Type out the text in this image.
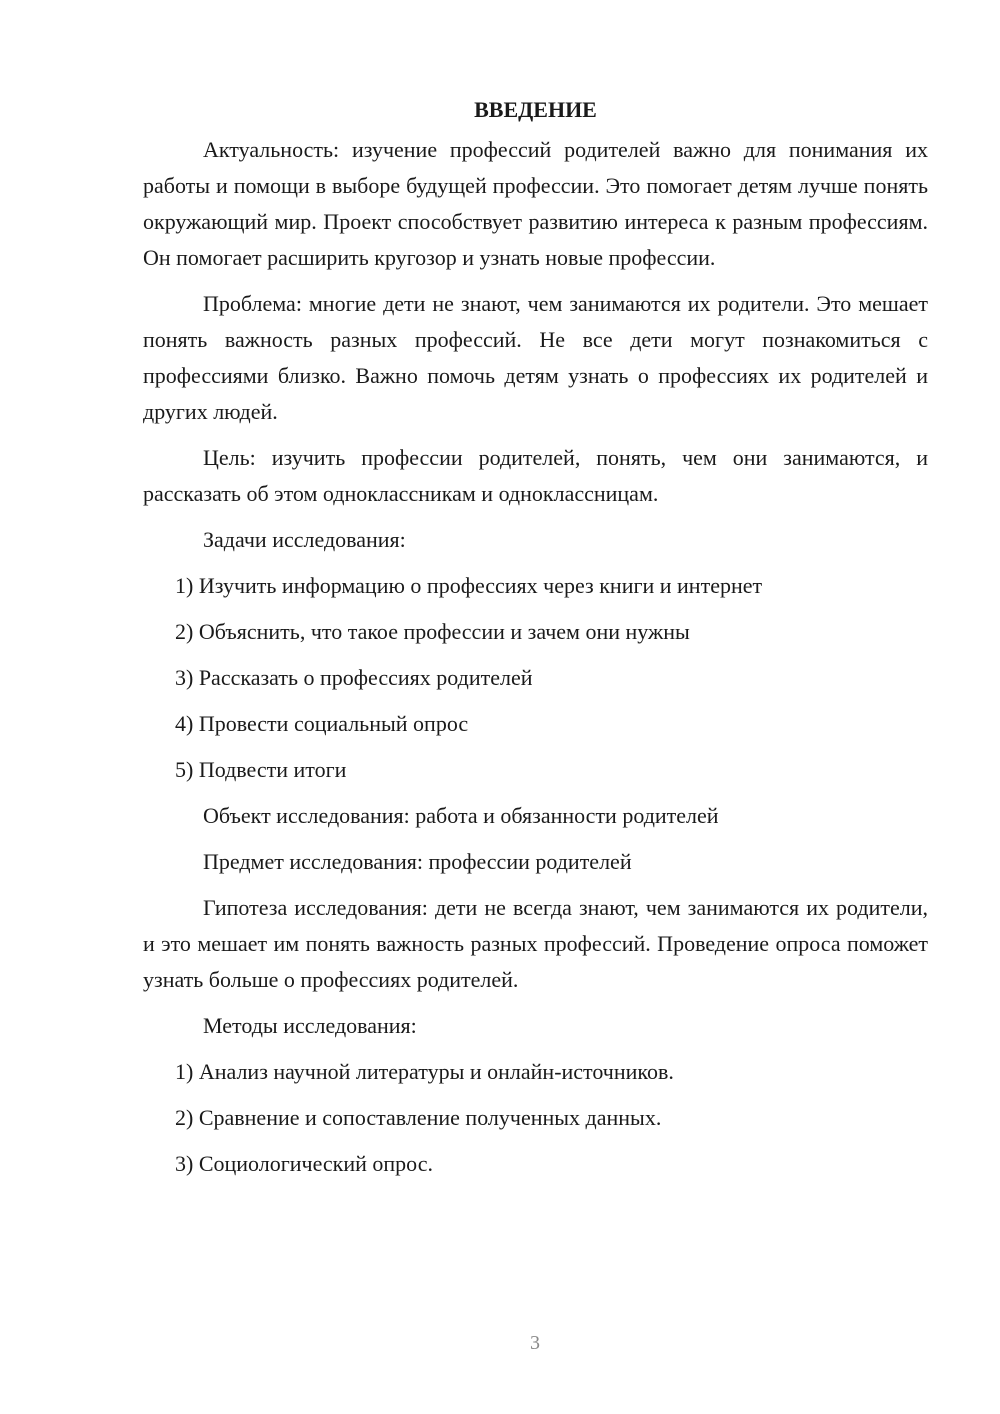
ВВЕДЕНИЕ

Актуальность: изучение профессий родителей важно для понимания их работы и помощи в выборе будущей профессии. Это помогает детям лучше понять окружающий мир. Проект способствует развитию интереса к разным профессиям. Он помогает расширить кругозор и узнать новые профессии.

Проблема: многие дети не знают, чем занимаются их родители. Это мешает понять важность разных профессий. Не все дети могут познакомиться с профессиями близко. Важно помочь детям узнать о профессиях их родителей и других людей.

Цель: изучить профессии родителей, понять, чем они занимаются, и рассказать об этом одноклассникам и одноклассницам.

Задачи исследования:
1) Изучить информацию о профессиях через книги и интернет
2) Объяснить, что такое профессии и зачем они нужны
3) Рассказать о профессиях родителей
4) Провести социальный опрос
5) Подвести итоги
Объект исследования: работа и обязанности родителей
Предмет исследования: профессии родителей

Гипотеза исследования: дети не всегда знают, чем занимаются их родители, и это мешает им понять важность разных профессий. Проведение опроса поможет узнать больше о профессиях родителей.

Методы исследования:
1) Анализ научной литературы и онлайн-источников.
2) Сравнение и сопоставление полученных данных.
3) Социологический опрос.
3
